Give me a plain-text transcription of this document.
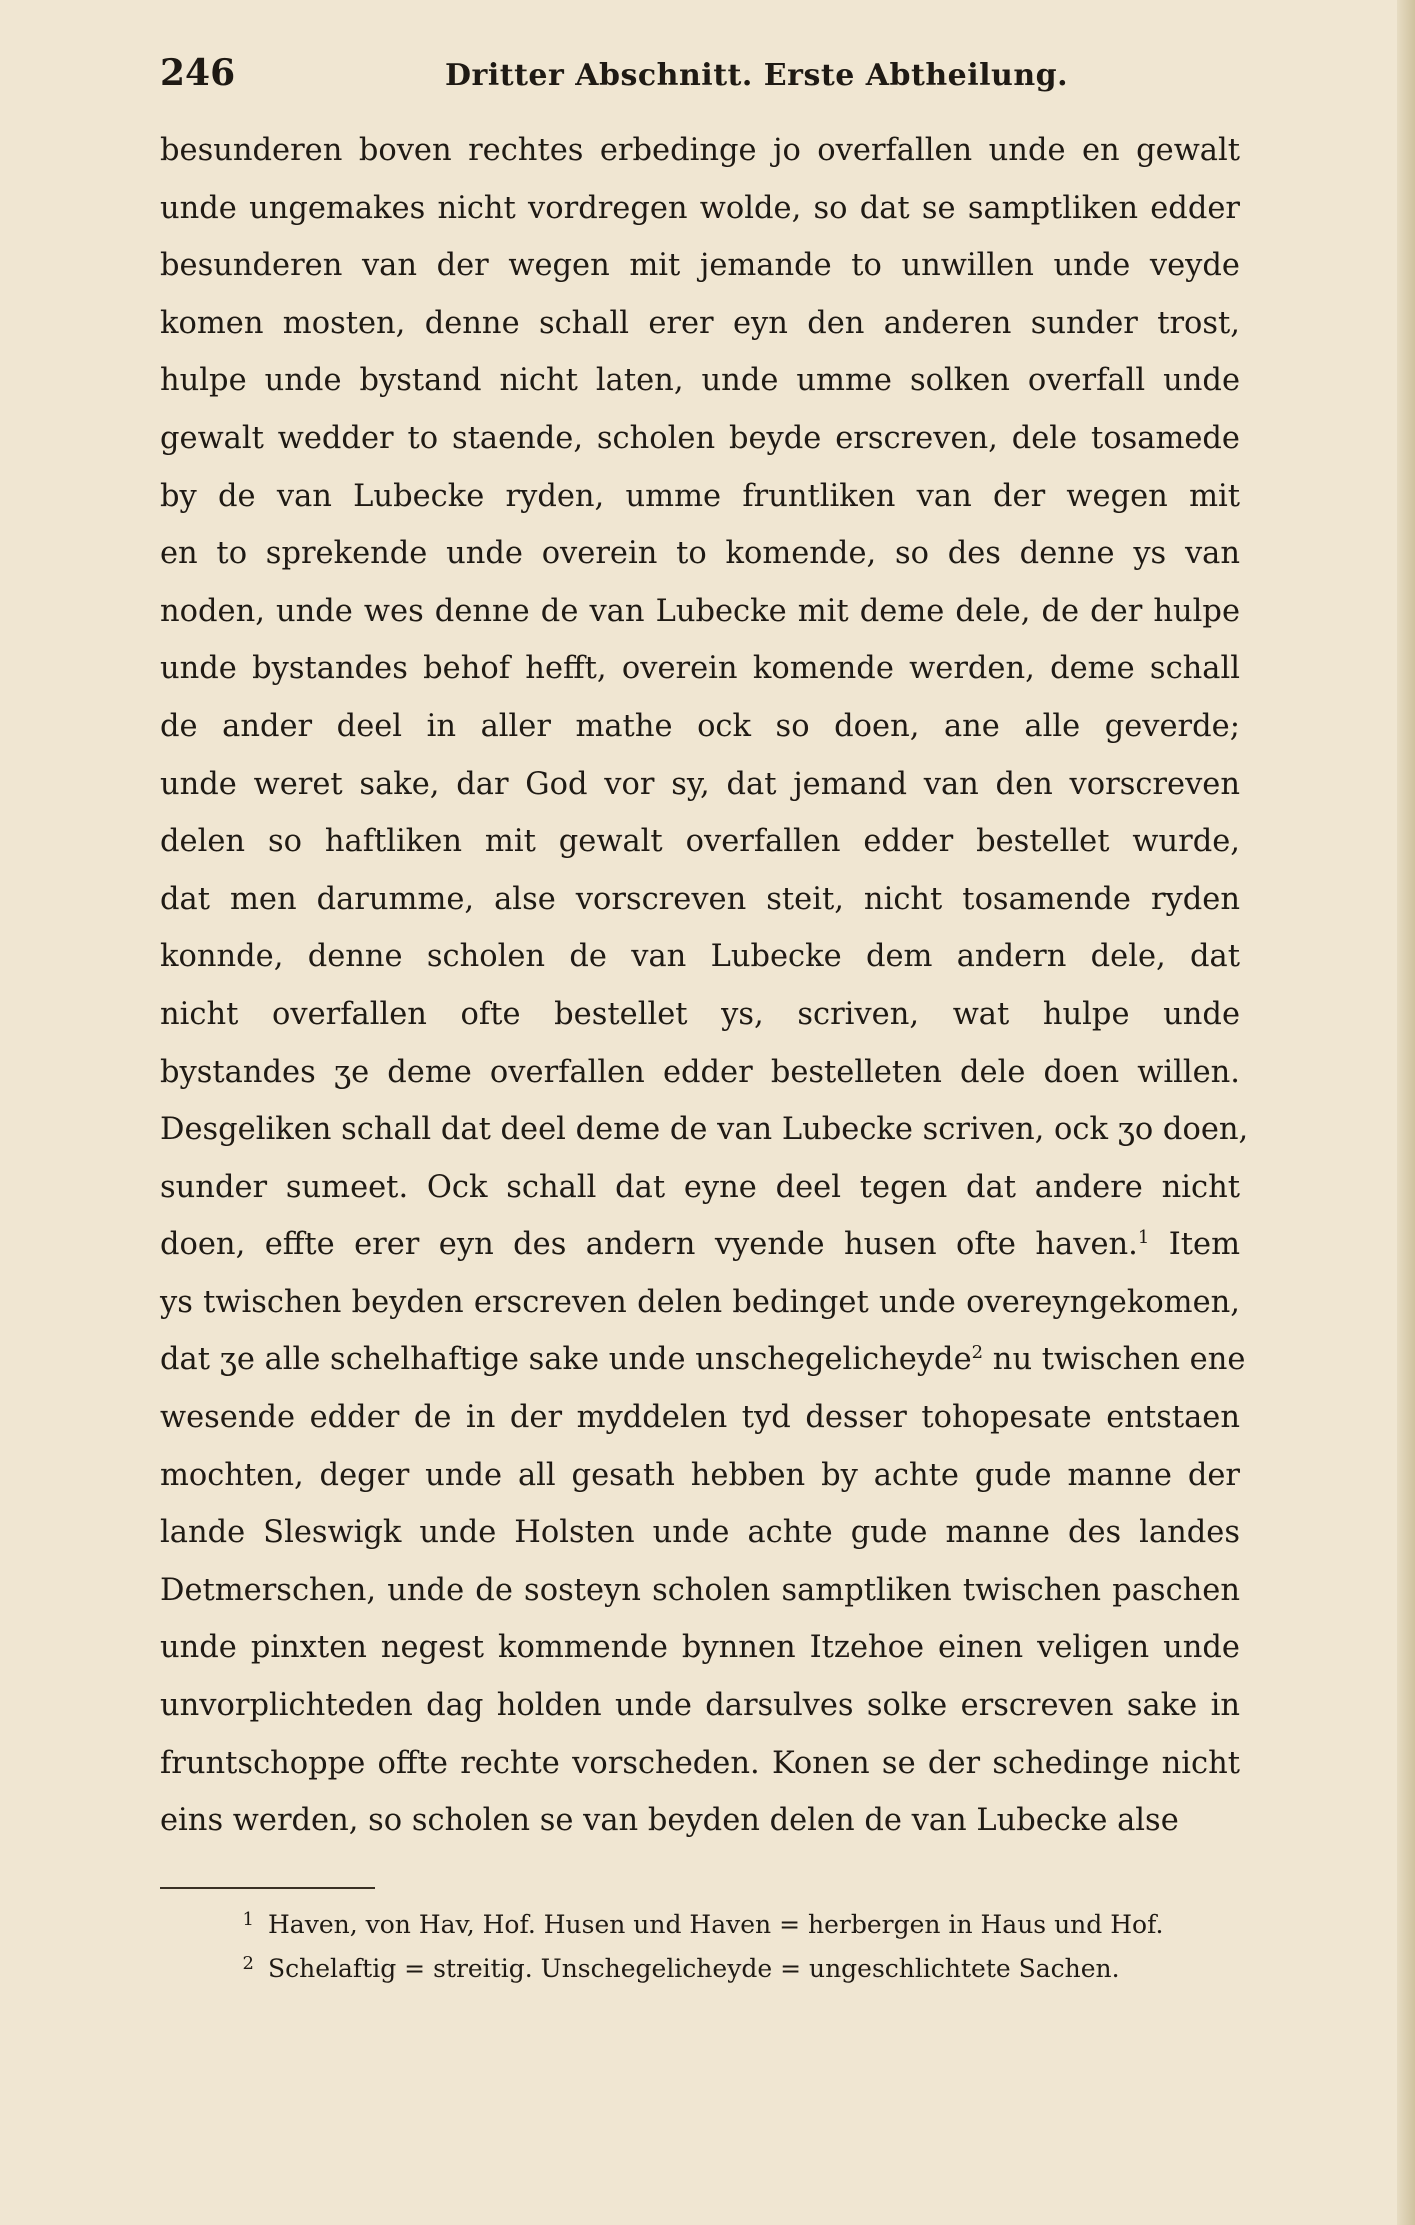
246	Dritter Abschnitt. Erste Abtheilung.
besunderen boven rechtes erbedinge jo overfallen unde en gewalt
unde ungemakes nicht vordregen wolde, so dat se samptliken edder
besunderen van der wegen mit jemande to unwillen unde veyde
komen mosten, denne schall erer eyn den anderen sunder trost,
hulpe unde bystand nicht laten, unde umme solken overfall unde
gewalt wedder to staende, scholen beyde erscreven, dele tosamede
by de van Lubecke ryden, umme fruntliken van der wegen mit
en to sprekende unde overein to komende, so des denne ys van
noden, unde wes denne de van Lubecke mit deme dele, de der hulpe
unde bystandes behof hefft, overein komende werden, deme schall
de ander deel in aller mathe ock so doen, ane alle geverde;
unde weret sake, dar God vor sy, dat jemand van den vorscreven
delen so haftliken mit gewalt overfallen edder bestellet wurde,
dat men darumme, alse vorscreven steit, nicht tosamende ryden
konnde, denne scholen de van Lubecke dem andern dele, dat
nicht overfallen ofte bestellet ys, scriven, wat hulpe unde
bystandes ʒe deme overfallen edder bestelleten dele doen willen.
Desgeliken schall dat deel deme de van Lubecke scriven, ock ʒo doen,
sunder sumeet. Ock schall dat eyne deel tegen dat andere nicht
doen, effte erer eyn des andern vyende husen ofte haven.$^1$ Item
ys twischen beyden erscreven delen bedinget unde overeyngekomen,
dat ʒe alle schelhaftige sake unde unschegelicheyde$^2$ nu twischen ene
wesende edder de in der myddelen tyd desser tohopesate entstaen
mochten, deger unde all gesath hebben by achte gude manne der
lande Sleswigk unde Holsten unde achte gude manne des landes
Detmerschen, unde de sosteyn scholen samptliken twischen paschen
unde pinxten negest kommende bynnen Itzehoe einen veligen unde
unvorplichteden dag holden unde darsulves solke erscreven sake in
fruntschoppe offte rechte vorscheden. Konen se der schedinge nicht
eins werden, so scholen se van beyden delen de van Lubecke alse

1 Haven, von Hav, Hof. Husen und Haven = herbergen in Haus und Hof.

2 Schelaftig = streitig. Unschegelicheyde = ungeschlichtete Sachen.
